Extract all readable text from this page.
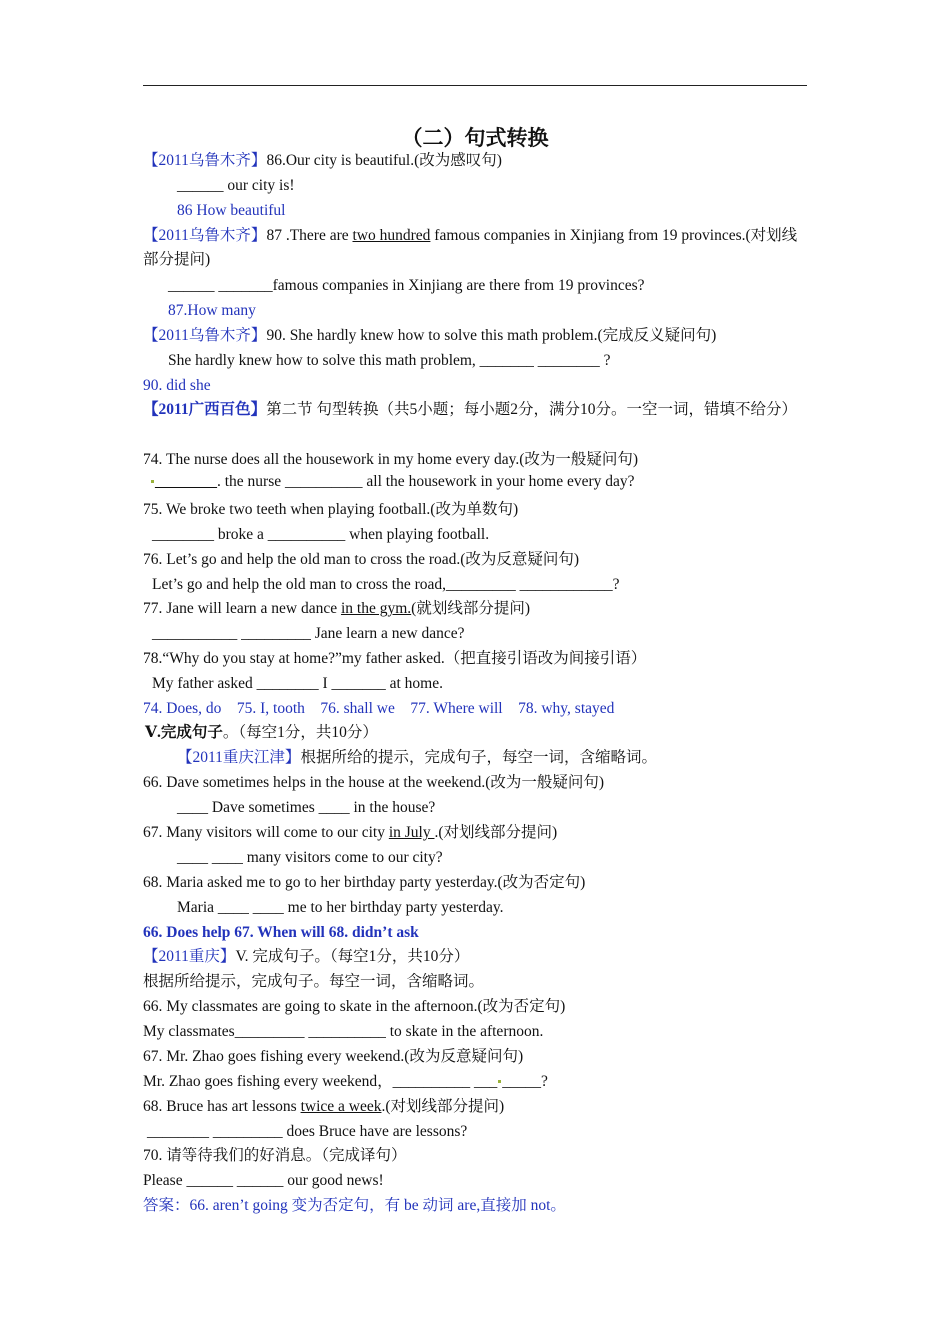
（二）句式转换
【2011乌鲁木齐】86.Our city is beautiful.(改为感叹句)
______ our city is!
86 How beautiful
【2011乌鲁木齐】87 .There are two hundred famous companies in Xinjiang from 19 provinces.(对划线部分提问)
______ _______famous companies in Xinjiang are there from 19 provinces?
87.How many
【2011乌鲁木齐】90. She hardly knew how to solve this math problem.(完成反义疑问句)
She hardly knew how to solve this math problem, _______ ________ ?
90. did she
【2011广西百色】第二节 句型转换（共5小题；每小题2分，满分10分。一空一词，错填不给分）
74. The nurse does all the housework in my home every day.(改为一般疑问句)
________. the nurse __________ all the housework in your home every day?
75. We broke two teeth when playing football.(改为单数句)
________ broke a __________ when playing football.
76. Let’s go and help the old man to cross the road.(改为反意疑问句)
Let’s go and help the old man to cross the road,_________ ____________?
77. Jane will learn a new dance in the gym.(就划线部分提问)
___________ _________ Jane learn a new dance?
78.“Why do you stay at home?”my father asked.（把直接引语改为间接引语）
My father asked ________ I _______ at home.
74. Does, do    75. I, tooth    76. shall we    77. Where will    78. why, stayed
Ⅴ.完成句子。（每空1分，共10分）
【2011重庆江津】根据所给的提示，完成句子，每空一词，含缩略词。
66. Dave sometimes helps in the house at the weekend.(改为一般疑问句)
____ Dave sometimes ____ in the house?
67. Many visitors will come to our city in July .(对划线部分提问)
____ ____ many visitors come to our city?
68. Maria asked me to go to her birthday party yesterday.(改为否定句)
Maria ____ ____ me to her birthday party yesterday.
66. Does help 67. When will 68. didn’t ask
【2011重庆】V. 完成句子。（每空1分，共10分）
根据所给提示，完成句子。每空一词，含缩略词。
66. My classmates are going to skate in the afternoon.(改为否定句)
My classmates_________ __________ to skate in the afternoon.
67. Mr. Zhao goes fishing every weekend.(改为反意疑问句)
Mr. Zhao goes fishing every weekend，__________ ___ _____?
68. Bruce has art lessons twice a week.(对划线部分提问)
________ _________ does Bruce have are lessons?
70. 请等待我们的好消息。（完成译句）
Please ______ ______ our good news!
答案：66. aren’t going 变为否定句，有 be 动词 are,直接加 not。
